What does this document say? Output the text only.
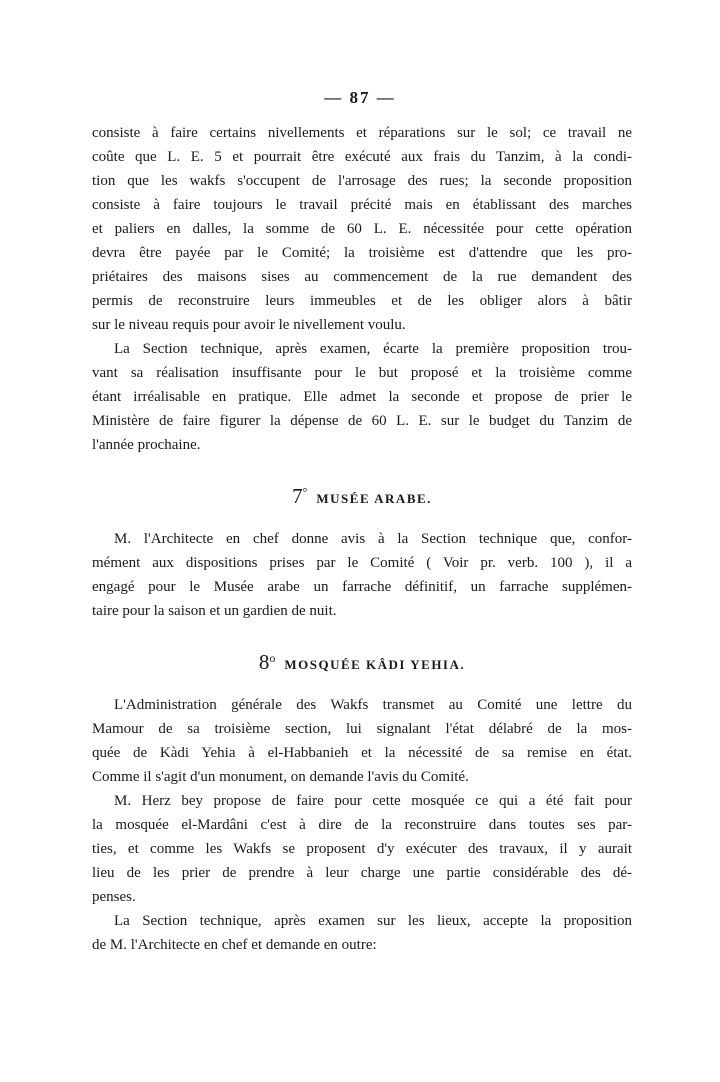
— 87 —
consiste à faire certains nivellements et réparations sur le sol; ce travail ne
coûte que L. E. 5 et pourrait être exécuté aux frais du Tanzim, à la condi-
tion que les wakfs s'occupent de l'arrosage des rues; la seconde proposition
consiste à faire toujours le travail précité mais en établissant des marches
et paliers en dalles, la somme de 60 L. E. nécessitée pour cette opération
devra être payée par le Comité; la troisième est d'attendre que les pro-
priétaires des maisons sises au commencement de la rue demandent des
permis de reconstruire leurs immeubles et de les obliger alors à bâtir
sur le niveau requis pour avoir le nivellement voulu.
La Section technique, après examen, écarte la première proposition trou-
vant sa réalisation insuffisante pour le but proposé et la troisième comme
étant irréalisable en pratique. Elle admet la seconde et propose de prier le
Ministère de faire figurer la dépense de 60 L. E. sur le budget du Tanzim de
l'année prochaine.
7° MUSÉE ARABE.
M. l'Architecte en chef donne avis à la Section technique que, confor-
mément aux dispositions prises par le Comité ( Voir pr. verb. 100 ), il a
engagé pour le Musée arabe un farrache définitif, un farrache supplémen-
taire pour la saison et un gardien de nuit.
8$^o$ MOSQUÉE KÂDI YEHIA.
L'Administration générale des Wakfs transmet au Comité une lettre du
Mamour de sa troisième section, lui signalant l'état délabré de la mos-
quée de Kàdi Yehia à el-Habbanieh et la nécessité de sa remise en état.
Comme il s'agit d'un monument, on demande l'avis du Comité.
M. Herz bey propose de faire pour cette mosquée ce qui a été fait pour
la mosquée el-Mardâni c'est à dire de la reconstruire dans toutes ses par-
ties, et comme les Wakfs se proposent d'y exécuter des travaux, il y aurait
lieu de les prier de prendre à leur charge une partie considérable des dé-
penses.
La Section technique, après examen sur les lieux, accepte la proposition
de M. l'Architecte en chef et demande en outre:
